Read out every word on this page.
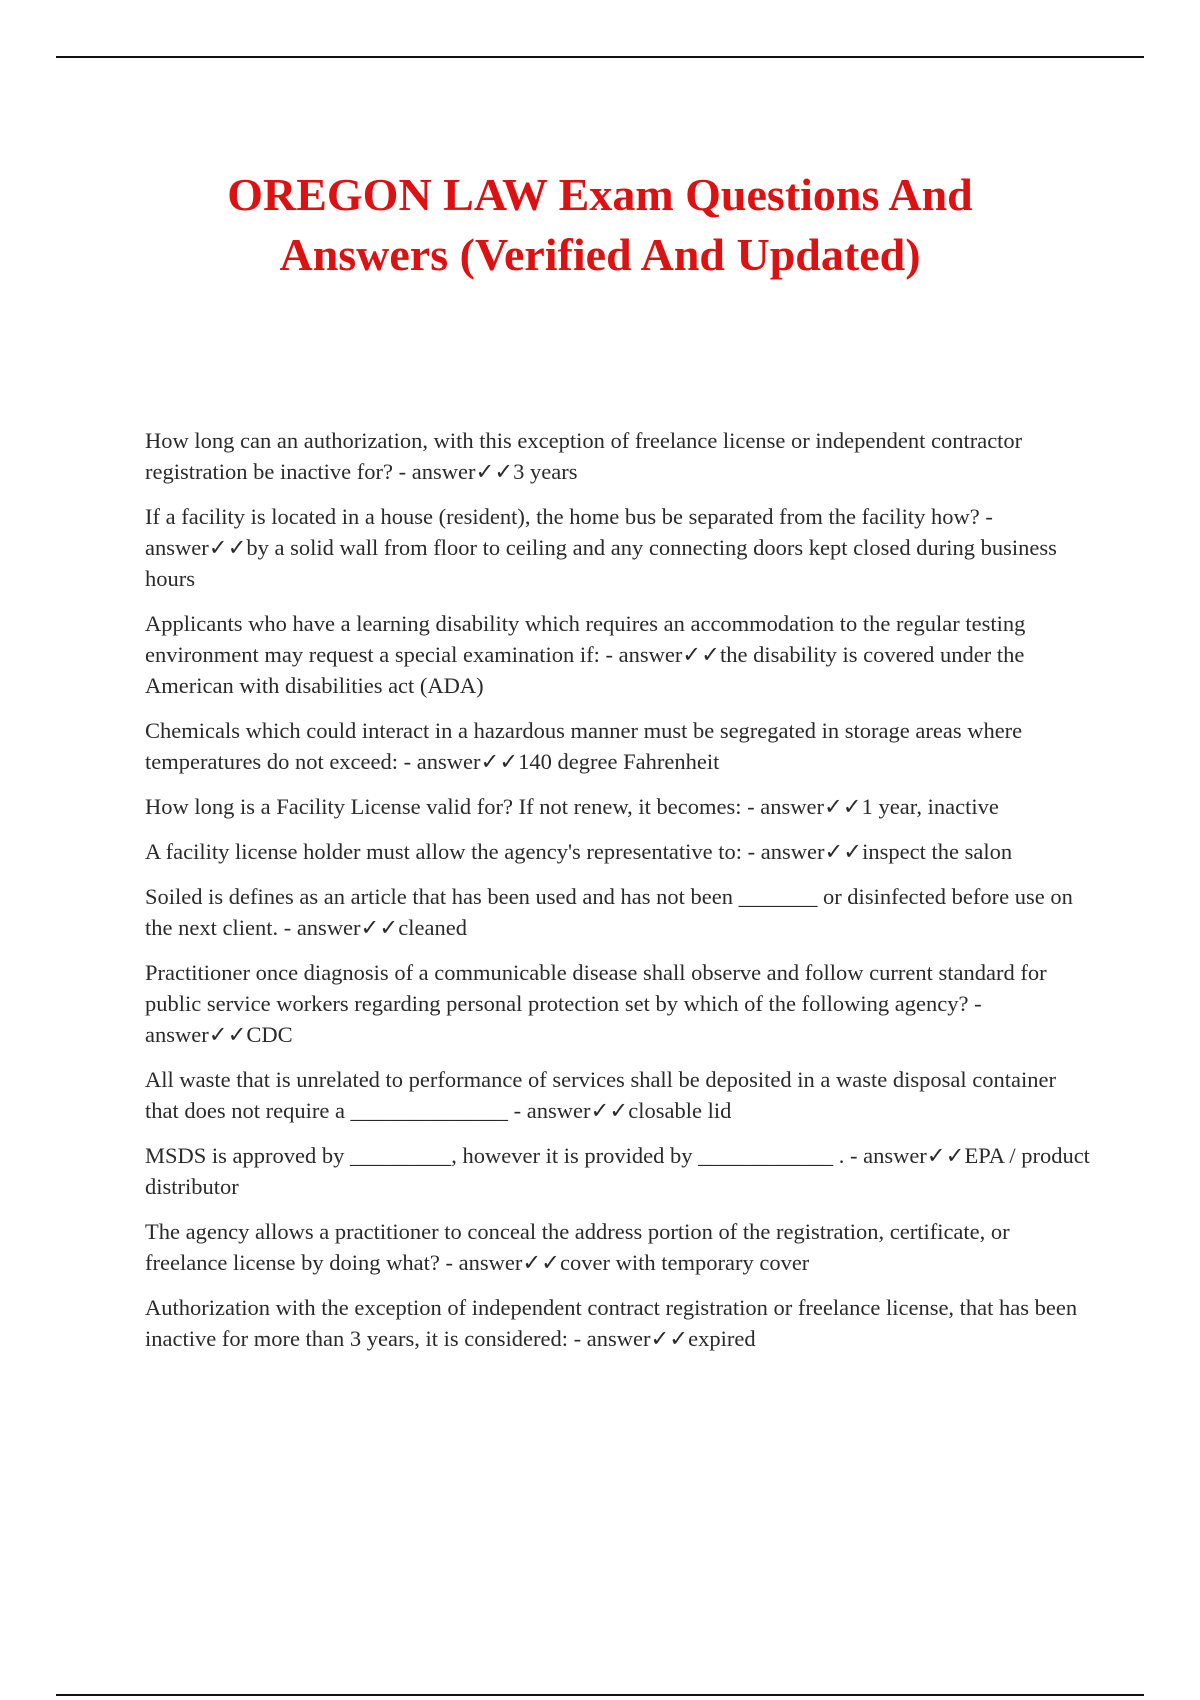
OREGON LAW Exam Questions And Answers (Verified And Updated)
How long can an authorization, with this exception of freelance license or independent contractor registration be inactive for? - answer✓✓3 years
If a facility is located in a house (resident), the home bus be separated from the facility how? - answer✓✓by a solid wall from floor to ceiling and any connecting doors kept closed during business hours
Applicants who have a learning disability which requires an accommodation to the regular testing environment may request a special examination if: - answer✓✓the disability is covered under the American with disabilities act (ADA)
Chemicals which could interact in a hazardous manner must be segregated in storage areas where temperatures do not exceed: - answer✓✓140 degree Fahrenheit
How long is a Facility License valid for? If not renew, it becomes: - answer✓✓1 year, inactive
A facility license holder must allow the agency's representative to: - answer✓✓inspect the salon
Soiled is defines as an article that has been used and has not been _______ or disinfected before use on the next client. - answer✓✓cleaned
Practitioner once diagnosis of a communicable disease shall observe and follow current standard for public service workers regarding personal protection set by which of the following agency? - answer✓✓CDC
All waste that is unrelated to performance of services shall be deposited in a waste disposal container that does not require a ______________ - answer✓✓closable lid
MSDS is approved by _________, however it is provided by ____________ . - answer✓✓EPA / product distributor
The agency allows a practitioner to conceal the address portion of the registration, certificate, or freelance license by doing what? - answer✓✓cover with temporary cover
Authorization with the exception of independent contract registration or freelance license, that has been inactive for more than 3 years, it is considered: - answer✓✓expired
